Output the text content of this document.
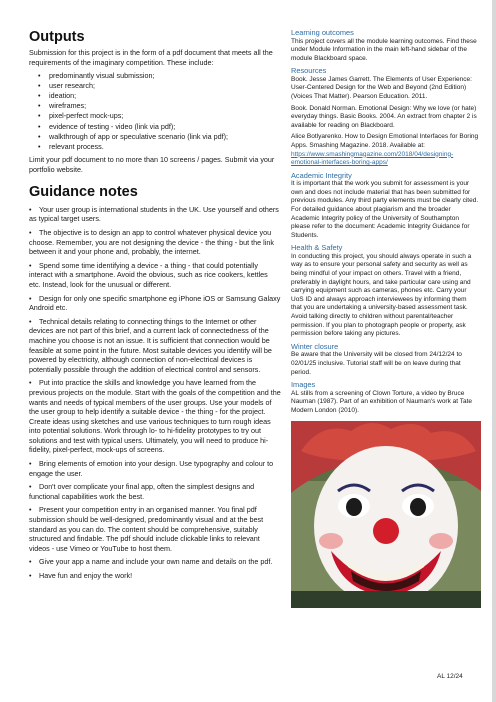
Outputs

Submission for this project is in the form of a pdf document that meets all the requirements of the imaginary competition. These include:

• predominantly visual submission;
• user research;
• ideation;
• wireframes;
• pixel-perfect mock-ups;
• evidence of testing - video (link via pdf);
• walkthrough of app or speculative scenario (link via pdf);
• relevant process.

Limit your pdf document to no more than 10 screens / pages. Submit via your portfolio website.

Guidance notes
• Your user group is international students in the UK. Use yourself and others as typical target users.
• The objective is to design an app to control whatever physical device you choose. Remember, you are not designing the device - the thing - but the link between it and your phone and, probably, the internet.
• Spend some time identifying a device - a thing - that could potentially interact with a smartphone. Avoid the obvious, such as rice cookers, kettles etc. Instead, look for the unusual or different.
• Design for only one specific smartphone eg iPhone iOS or Samsung Galaxy Android etc.
• Technical details relating to connecting things to the Internet or other devices are not part of this brief, and a current lack of connectedness of the machine you choose is not an issue. It is sufficient that connection would be feasible at some point in the future. Most suitable devices you identify will be powered by electricity, although connection of non-electrical devices is potentially possible through the addition of electrical control and sensors.
• Put into practice the skills and knowledge you have learned from the previous projects on the module. Start with the goals of the competition and the wants and needs of typical members of the user groups. Use your models of the user group to help identify a suitable device - the thing - for the project. Create ideas using sketches and use various techniques to turn rough ideas into potential solutions. Work through lo- to hi-fidelity prototypes to try out solutions and test with typical users. Ultimately, you will need to produce hi-fidelity, pixel-perfect, mock-ups of screens.
• Bring elements of emotion into your design. Use typography and colour to engage the user.
• Don't over complicate your final app, often the simplest designs and functional capabilities work the best.
• Present your competition entry in an organised manner. You final pdf submission should be well-designed, predominantly visual and at the best standard as you can do. The content should be comprehensive, suitably structured and findable. The pdf should include clickable links to relevant videos - use Vimeo or YouTube to host them.
• Give your app a name and include your own name and details on the pdf.
• Have fun and enjoy the work!
Learning outcomes

This project covers all the module learning outcomes. Find these under Module Information in the main left-hand sidebar of the module Blackboard space.

Resources

Book. Jesse James Garrett. The Elements of User Experience: User-Centered Design for the Web and Beyond (2nd Edition) (Voices That Matter). Pearson Education. 2011.

Book. Donald Norman. Emotional Design: Why we love (or hate) everyday things. Basic Books. 2004. An extract from chapter 2 is available for reading on Blackboard.

Alice Botlyarenko. How to Design Emotional Interfaces for Boring Apps. Smashing Magazine. 2018. Available at: https://www.smashingmagazine.com/2018/04/designing-emotional-interfaces-boring-apps/

Academic Integrity

It is important that the work you submit for assessment is your own and does not include material that has been submitted for previous modules. Any third party elements must be clearly cited. For detailed guidance about plagiarism and the broader Academic Integrity policy of the University of Southampton please refer to the document: Academic Integrity Guidance for Students.

Health & Safety

In conducting this project, you should always operate in such a way as to ensure your personal safety and security as well as being mindful of your impact on others. Travel with a friend, preferably in daylight hours, and take particular care using and carrying equipment such as cameras, phones etc. Carry your UoS ID and always approach interviewees by informing them that you are undertaking a university-based assessment task. Avoid talking directly to children without parental/teacher permission. If you plan to photograph people or property, ask permission before taking any pictures.

Winter closure

Be aware that the University will be closed from 24/12/24 to 02/01/25 inclusive. Tutorial staff will be on leave during that period.

Images

AL stills from a screening of Clown Torture, a video by Bruce Nauman (1987). Part of an exhibition of Nauman's work at Tate Modern London (2010).

AL 12/24
